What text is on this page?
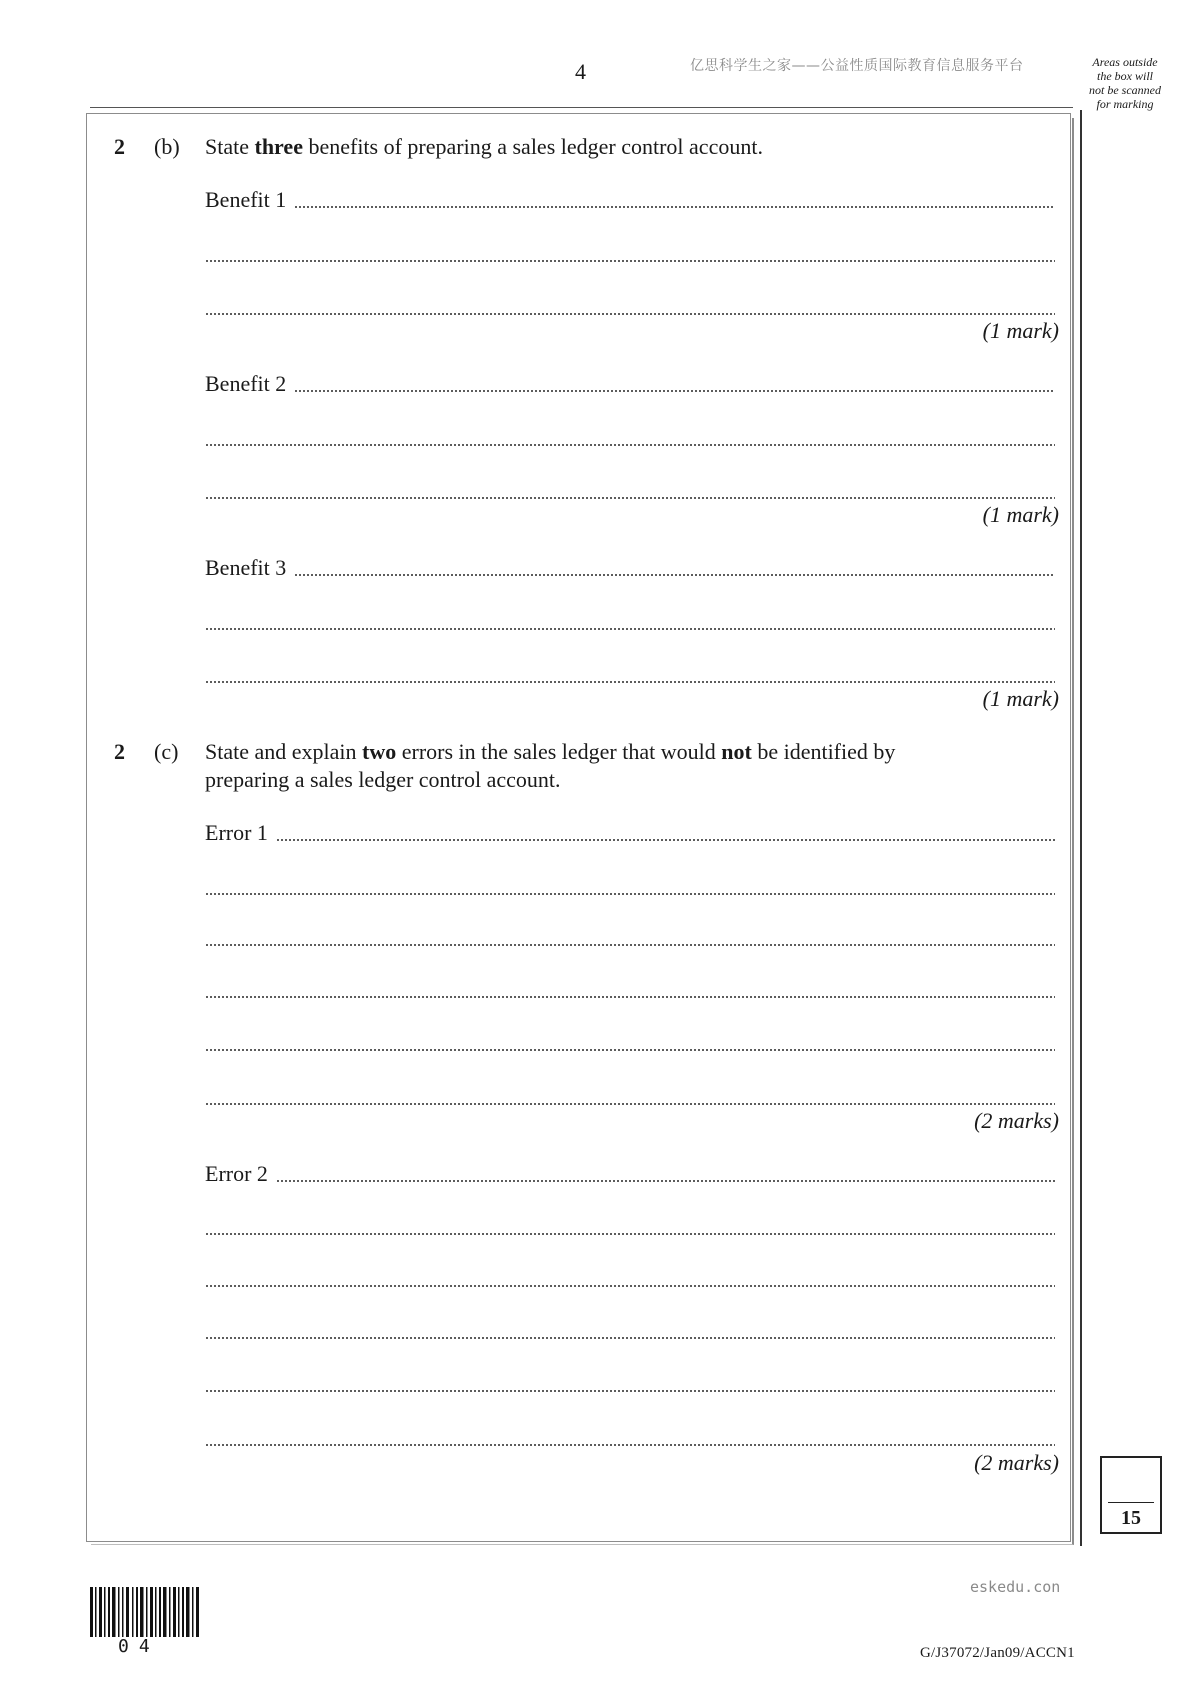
4	亿思科学生之家——公益性质国际教育信息服务平台	Areas outside
the box will
not be scanned
for marking
2 (b) State three benefits of preparing a sales ledger control account.
Benefit 1
(1 mark)
Benefit 2
(1 mark)
Benefit 3
(1 mark)
2 (c) State and explain two errors in the sales ledger that would not be identified by
preparing a sales ledger control account.
Error 1
(2 marks)
Error 2
(2 marks)
15
eskedu.con
04	G/J37072/Jan09/ACCN1
